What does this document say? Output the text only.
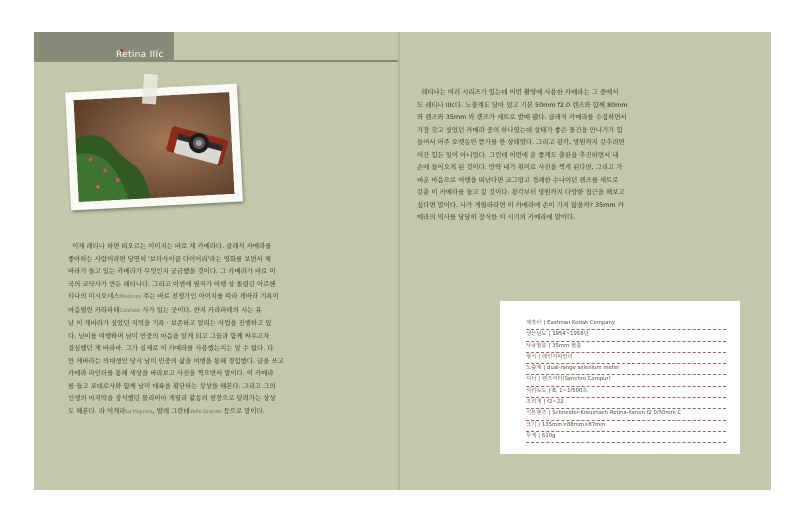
Retina IIIc

이제 레티나 하면 떠오르는 이미지는 바로 제 카메라다. 클래식 카메라를
좋아하는 사람이라면 당연히 '보타사이클 다이어리'라는 영화를 보면서 체
바라가 들고 있는 카메라가 무엇인지 궁금했을 것이다. 그 카메라가 바로 미
국의 코닥사가 만든 레티나다. 그리고 이번에 필자가 여행 상 돌렸던 아르헨
티나의 미시오네스Misiones 주는 바로 전쟁가인 아이치를 따라 게바라 기록이
마음떨린 카라파테Calafate 사가 있는 곳이다. 한지 카라파테의 시는 유
난 이 게바라가 살았던 지역을 기록ㆍ보존하고 알리는 사업을 진행하고 있
다. 님비를 여행하며 남미 민중의 마음을 알게 되고 그들과 함께 싸우고자
결심했던 게 바라바. 그가 실제로 이 카메라를 사용했는지는 알 수 없다. 다
만 게바라는 의대생인 당시 남미 민중의 삶을 여행을 통해 경험했다. 글을 쓰고
카메라 파인더를 통해 세상을 바라보고 사진을 찍으면서 말이다. 이 카메라
를 들고 포데로사와 함께 남미 대륙을 횡단하는 상상을 해본다. 그리고 그의
인생의 마지막을 장식했던 볼리비아 게릴라 활동의 현장으로 달려가는 상상
도 해본다. 라 이게라La Higuera, 발레 그란데Valle Grande 등으로 말이다.

레티나는 여러 시리즈가 있는데 이번 촬영에 사용한 카메라는 그 중에서
도 레티나 IIIc다. 노출계도 달아 있고 기본 50mm f2.0 렌즈와 함께 80mm
와 렌즈와 35mm 와 렌즈가 세트로 발매 됐다. 클래식 카메라를 수집하면서
가장 갖고 싶었던 카메라 중의 하나였는데 상태가 좋은 물건을 만나기가 힘
들어서 아주 오랫동안 뜸가를 한 상태였다. 그리고 광각, 망원까지 갖추려면
여간 힘든 일이 아니었다. 그런데 이번에 운 좋게도 출판을 추진하면서 내
손에 들어오게 된 것이다. 만약 내가 취미로 사진을 찍게 된다면, 그리고 가
벼운 마음으로 여행을 떠난다면 코그랑고 경쾌한 수나이던 렌즈를 세트로
갖춘 이 카메라를 들고 갈 것이다. 광각부터 망원까지 다양한 접근을 해보고
싶다면 말이다. 나가 게릴라라면 이 카메라에 손이 가지 않을까? 35mm 카
메라의 역사를 당당히 장식한 이 시기의 카메라에 말이다.

제작사 | Eastman Kodak Company
생산년도 | 1954~1958년
사용필름 | 35mm 필름
형식 | 레인지파인더
노출계 | dual-range selenium meter
셔터 | 렌즈셔터(Synchro Compur)
셔터속도 | B, 1~1/500초
조리개 | f2~22
기본렌즈 | Schneider-Kreuznach Retina-Xenon f2.0/50mm C
크기 | 135mm×88mm×87mm
무게 | 610g
